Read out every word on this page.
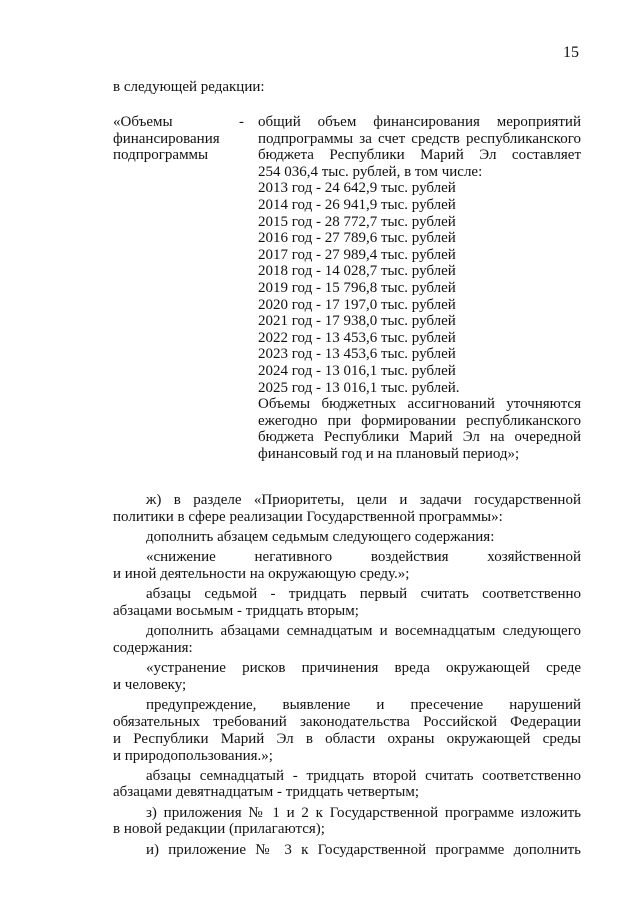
15
в следующей редакции:
«Объемы
финансирования
подпрограммы
- общий объем финансирования мероприятий
подпрограммы за счет средств республиканского
бюджета Республики Марий Эл составляет
254 036,4 тыс. рублей, в том числе:
2013 год - 24 642,9 тыс. рублей
2014 год - 26 941,9 тыс. рублей
2015 год - 28 772,7 тыс. рублей
2016 год - 27 789,6 тыс. рублей
2017 год - 27 989,4 тыс. рублей
2018 год - 14 028,7 тыс. рублей
2019 год - 15 796,8 тыс. рублей
2020 год - 17 197,0 тыс. рублей
2021 год - 17 938,0 тыс. рублей
2022 год - 13 453,6 тыс. рублей
2023 год - 13 453,6 тыс. рублей
2024 год - 13 016,1 тыс. рублей
2025 год - 13 016,1 тыс. рублей.
Объемы бюджетных ассигнований уточняются
ежегодно при формировании республиканского
бюджета Республики Марий Эл на очередной
финансовый год и на плановый период»;

ж) в разделе «Приоритеты, цели и задачи государственной
политики в сфере реализации Государственной программы»:

дополнить абзацем седьмым следующего содержания:

«снижение негативного воздействия хозяйственной
и иной деятельности на окружающую среду.»;

абзацы седьмой - тридцать первый считать соответственно
абзацами восьмым - тридцать вторым;

дополнить абзацами семнадцатым и восемнадцатым следующего
содержания:

«устранение рисков причинения вреда окружающей среде
и человеку;

предупреждение, выявление и пресечение нарушений
обязательных требований законодательства Российской Федерации
и Республики Марий Эл в области охраны окружающей среды
и природопользования.»;

абзацы семнадцатый - тридцать второй считать соответственно
абзацами девятнадцатым - тридцать четвертым;

з) приложения № 1 и 2 к Государственной программе изложить
в новой редакции (прилагаются);

и) приложение № 3 к Государственной программе дополнить
